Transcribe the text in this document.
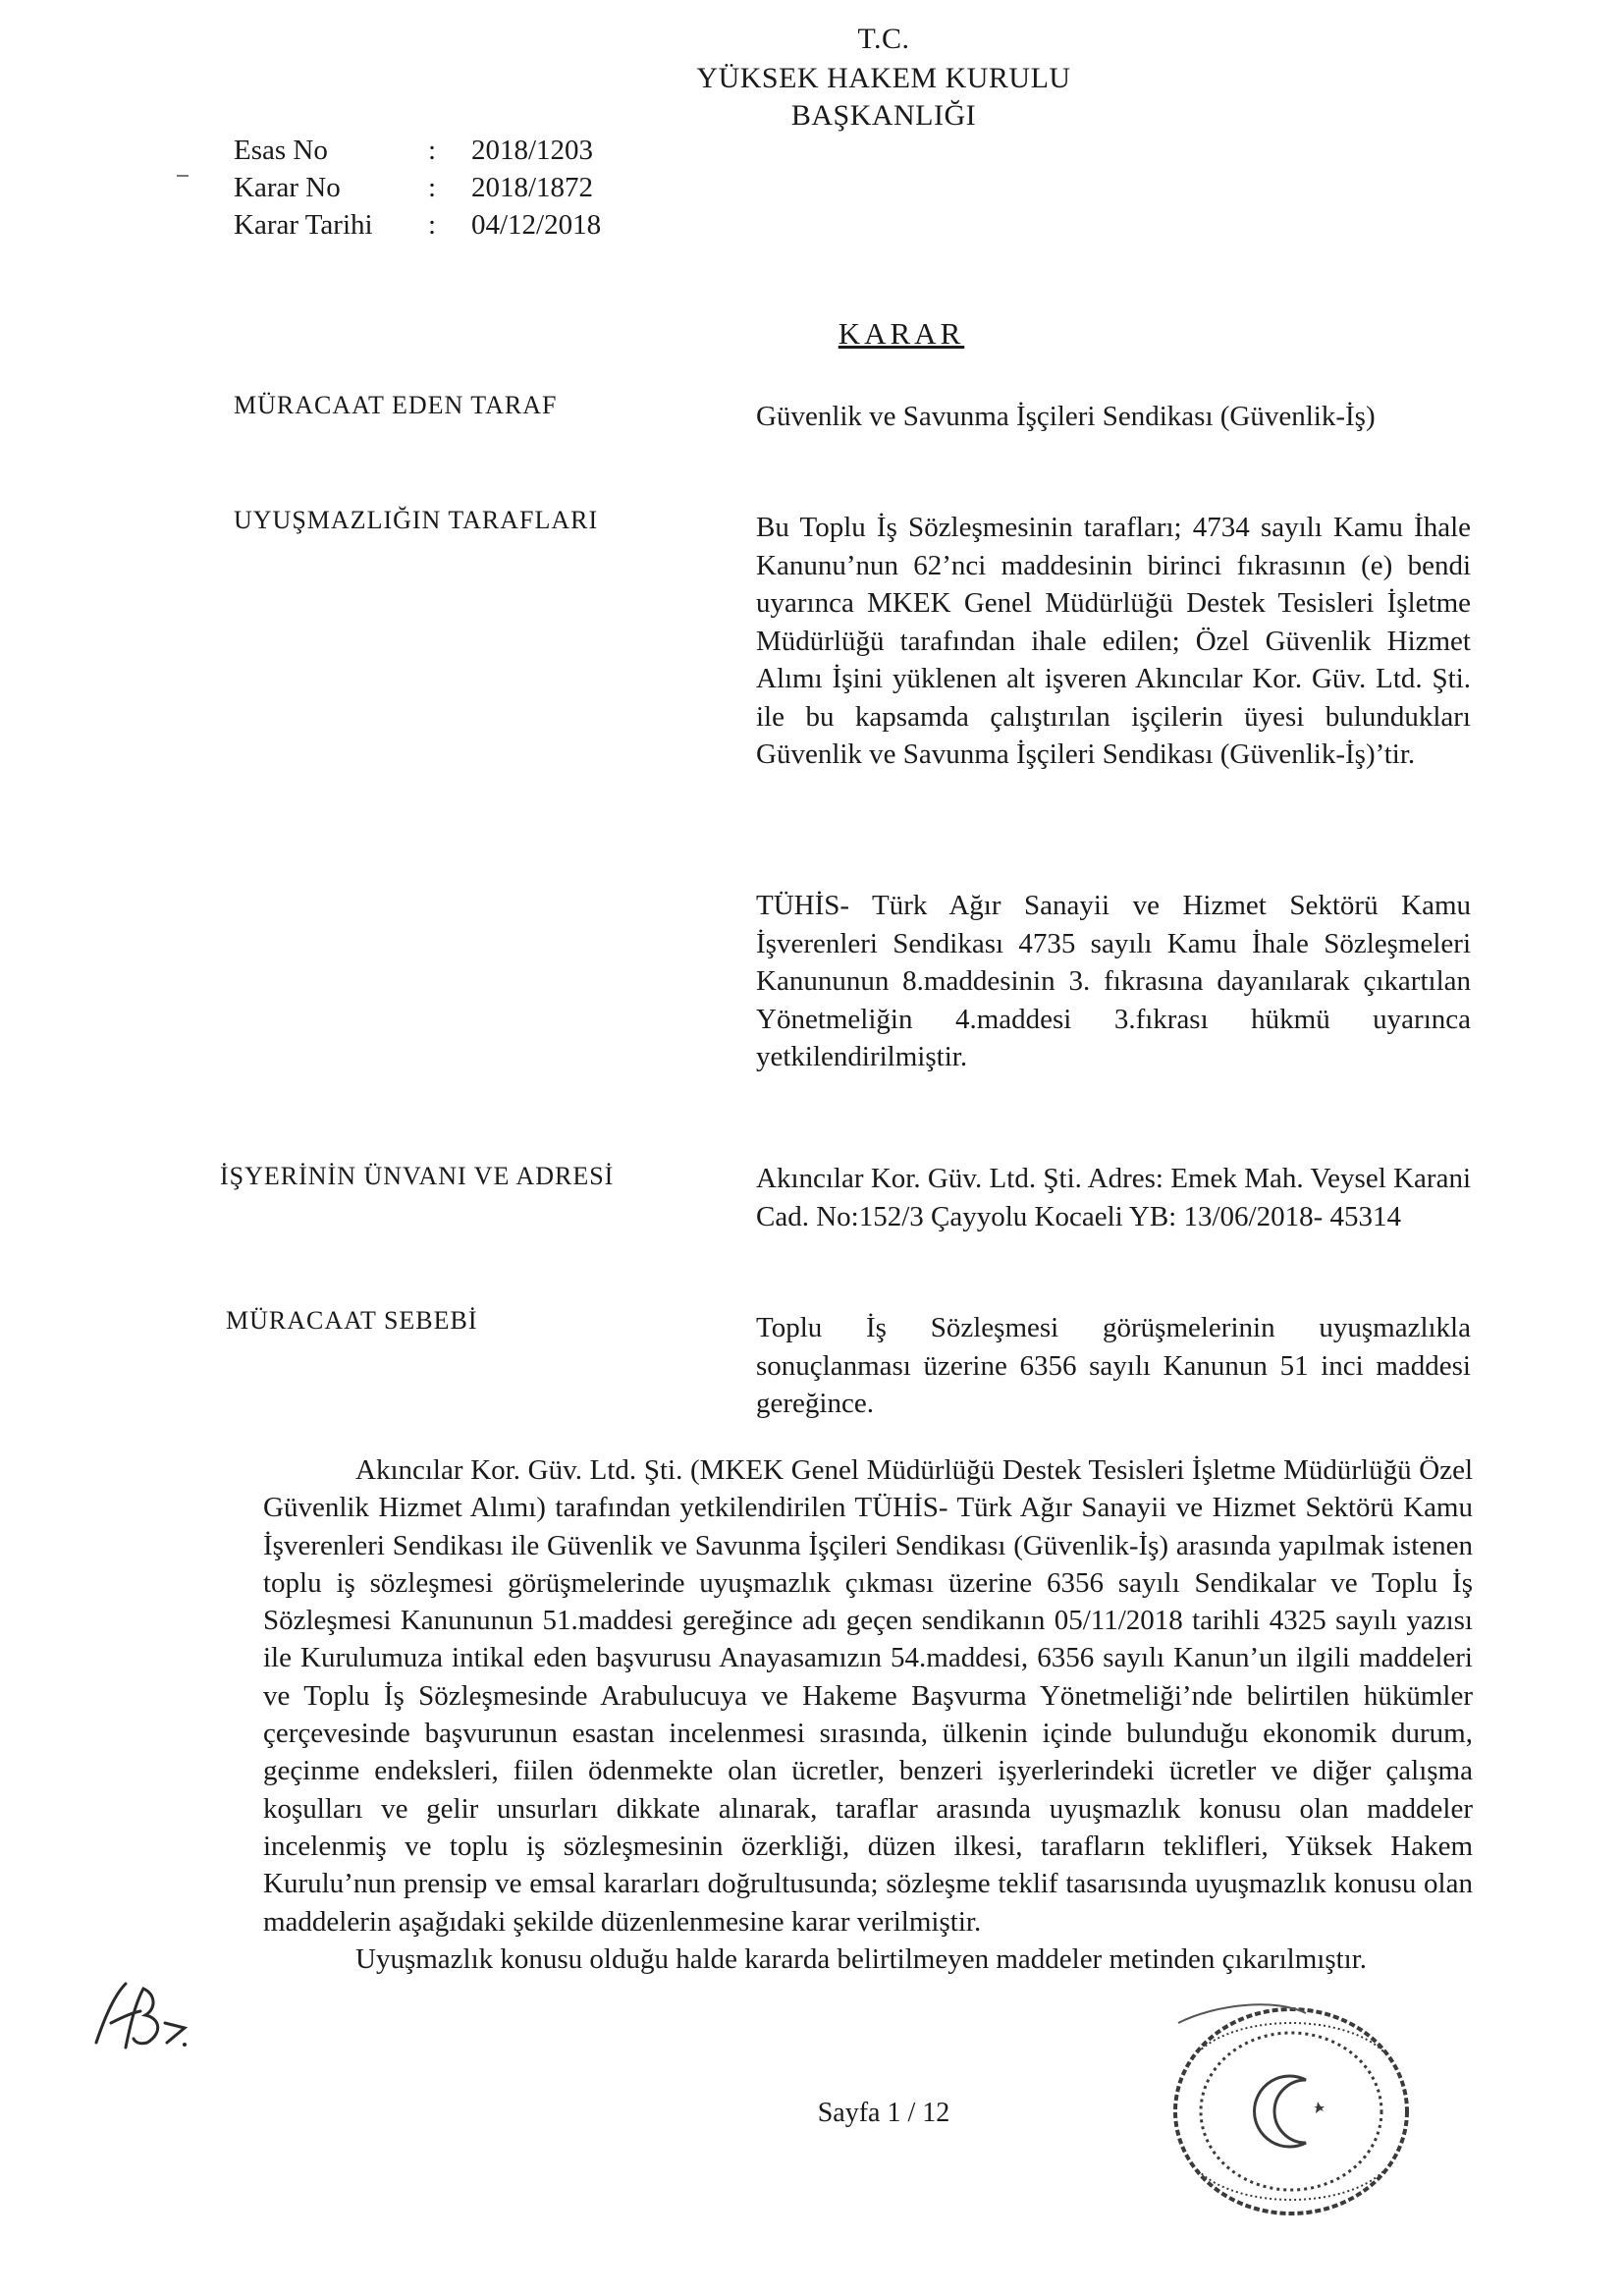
T.C.
YÜKSEK HAKEM KURULU
BAŞKANLIĞI
Esas No	:	2018/1203
Karar No	:	2018/1872
Karar Tarihi	:	04/12/2018
KARAR
MÜRACAAT EDEN TARAF	Güvenlik ve Savunma İşçileri Sendikası (Güvenlik-İş)
UYUŞMAZLIĞIN TARAFLARI	Bu Toplu İş Sözleşmesinin tarafları; 4734 sayılı Kamu İhale Kanunu’nun 62’nci maddesinin birinci fıkrasının (e) bendi uyarınca MKEK Genel Müdürlüğü Destek Tesisleri İşletme Müdürlüğü tarafından ihale edilen; Özel Güvenlik Hizmet Alımı İşini yüklenen alt işveren Akıncılar Kor. Güv. Ltd. Şti. ile bu kapsamda çalıştırılan işçilerin üyesi bulundukları Güvenlik ve Savunma İşçileri Sendikası (Güvenlik-İş)’tir.
TÜHİS- Türk Ağır Sanayii ve Hizmet Sektörü Kamu İşverenleri Sendikası 4735 sayılı Kamu İhale Sözleşmeleri Kanununun 8.maddesinin 3. fıkrasına dayanılarak çıkartılan Yönetmeliğin 4.maddesi 3.fıkrası hükmü uyarınca yetkilendirilmiştir.
İŞYERİNİN ÜNVANI VE ADRESİ	Akıncılar Kor. Güv. Ltd. Şti. Adres: Emek Mah. Veysel Karani Cad. No:152/3 Çayyolu Kocaeli YB: 13/06/2018- 45314
MÜRACAAT SEBEBİ	Toplu İş Sözleşmesi görüşmelerinin uyuşmazlıkla sonuçlanması üzerine 6356 sayılı Kanunun 51 inci maddesi gereğince.

Akıncılar Kor. Güv. Ltd. Şti. (MKEK Genel Müdürlüğü Destek Tesisleri İşletme Müdürlüğü Özel Güvenlik Hizmet Alımı) tarafından yetkilendirilen TÜHİS- Türk Ağır Sanayii ve Hizmet Sektörü Kamu İşverenleri Sendikası ile Güvenlik ve Savunma İşçileri Sendikası (Güvenlik-İş) arasında yapılmak istenen toplu iş sözleşmesi görüşmelerinde uyuşmazlık çıkması üzerine 6356 sayılı Sendikalar ve Toplu İş Sözleşmesi Kanununun 51.maddesi gereğince adı geçen sendikanın 05/11/2018 tarihli 4325 sayılı yazısı ile Kurulumuza intikal eden başvurusu Anayasamızın 54.maddesi, 6356 sayılı Kanun’un ilgili maddeleri ve Toplu İş Sözleşmesinde Arabulucuya ve Hakeme Başvurma Yönetmeliği’nde belirtilen hükümler çerçevesinde başvurunun esastan incelenmesi sırasında, ülkenin içinde bulunduğu ekonomik durum, geçinme endeksleri, fiilen ödenmekte olan ücretler, benzeri işyerlerindeki ücretler ve diğer çalışma koşulları ve gelir unsurları dikkate alınarak, taraflar arasında uyuşmazlık konusu olan maddeler incelenmiş ve toplu iş sözleşmesinin özerkliği, düzen ilkesi, tarafların teklifleri, Yüksek Hakem Kurulu’nun prensip ve emsal kararları doğrultusunda; sözleşme teklif tasarısında uyuşmazlık konusu olan maddelerin aşağıdaki şekilde düzenlenmesine karar verilmiştir.

Uyuşmazlık konusu olduğu halde kararda belirtilmeyen maddeler metinden çıkarılmıştır.

Sayfa 1 / 12
